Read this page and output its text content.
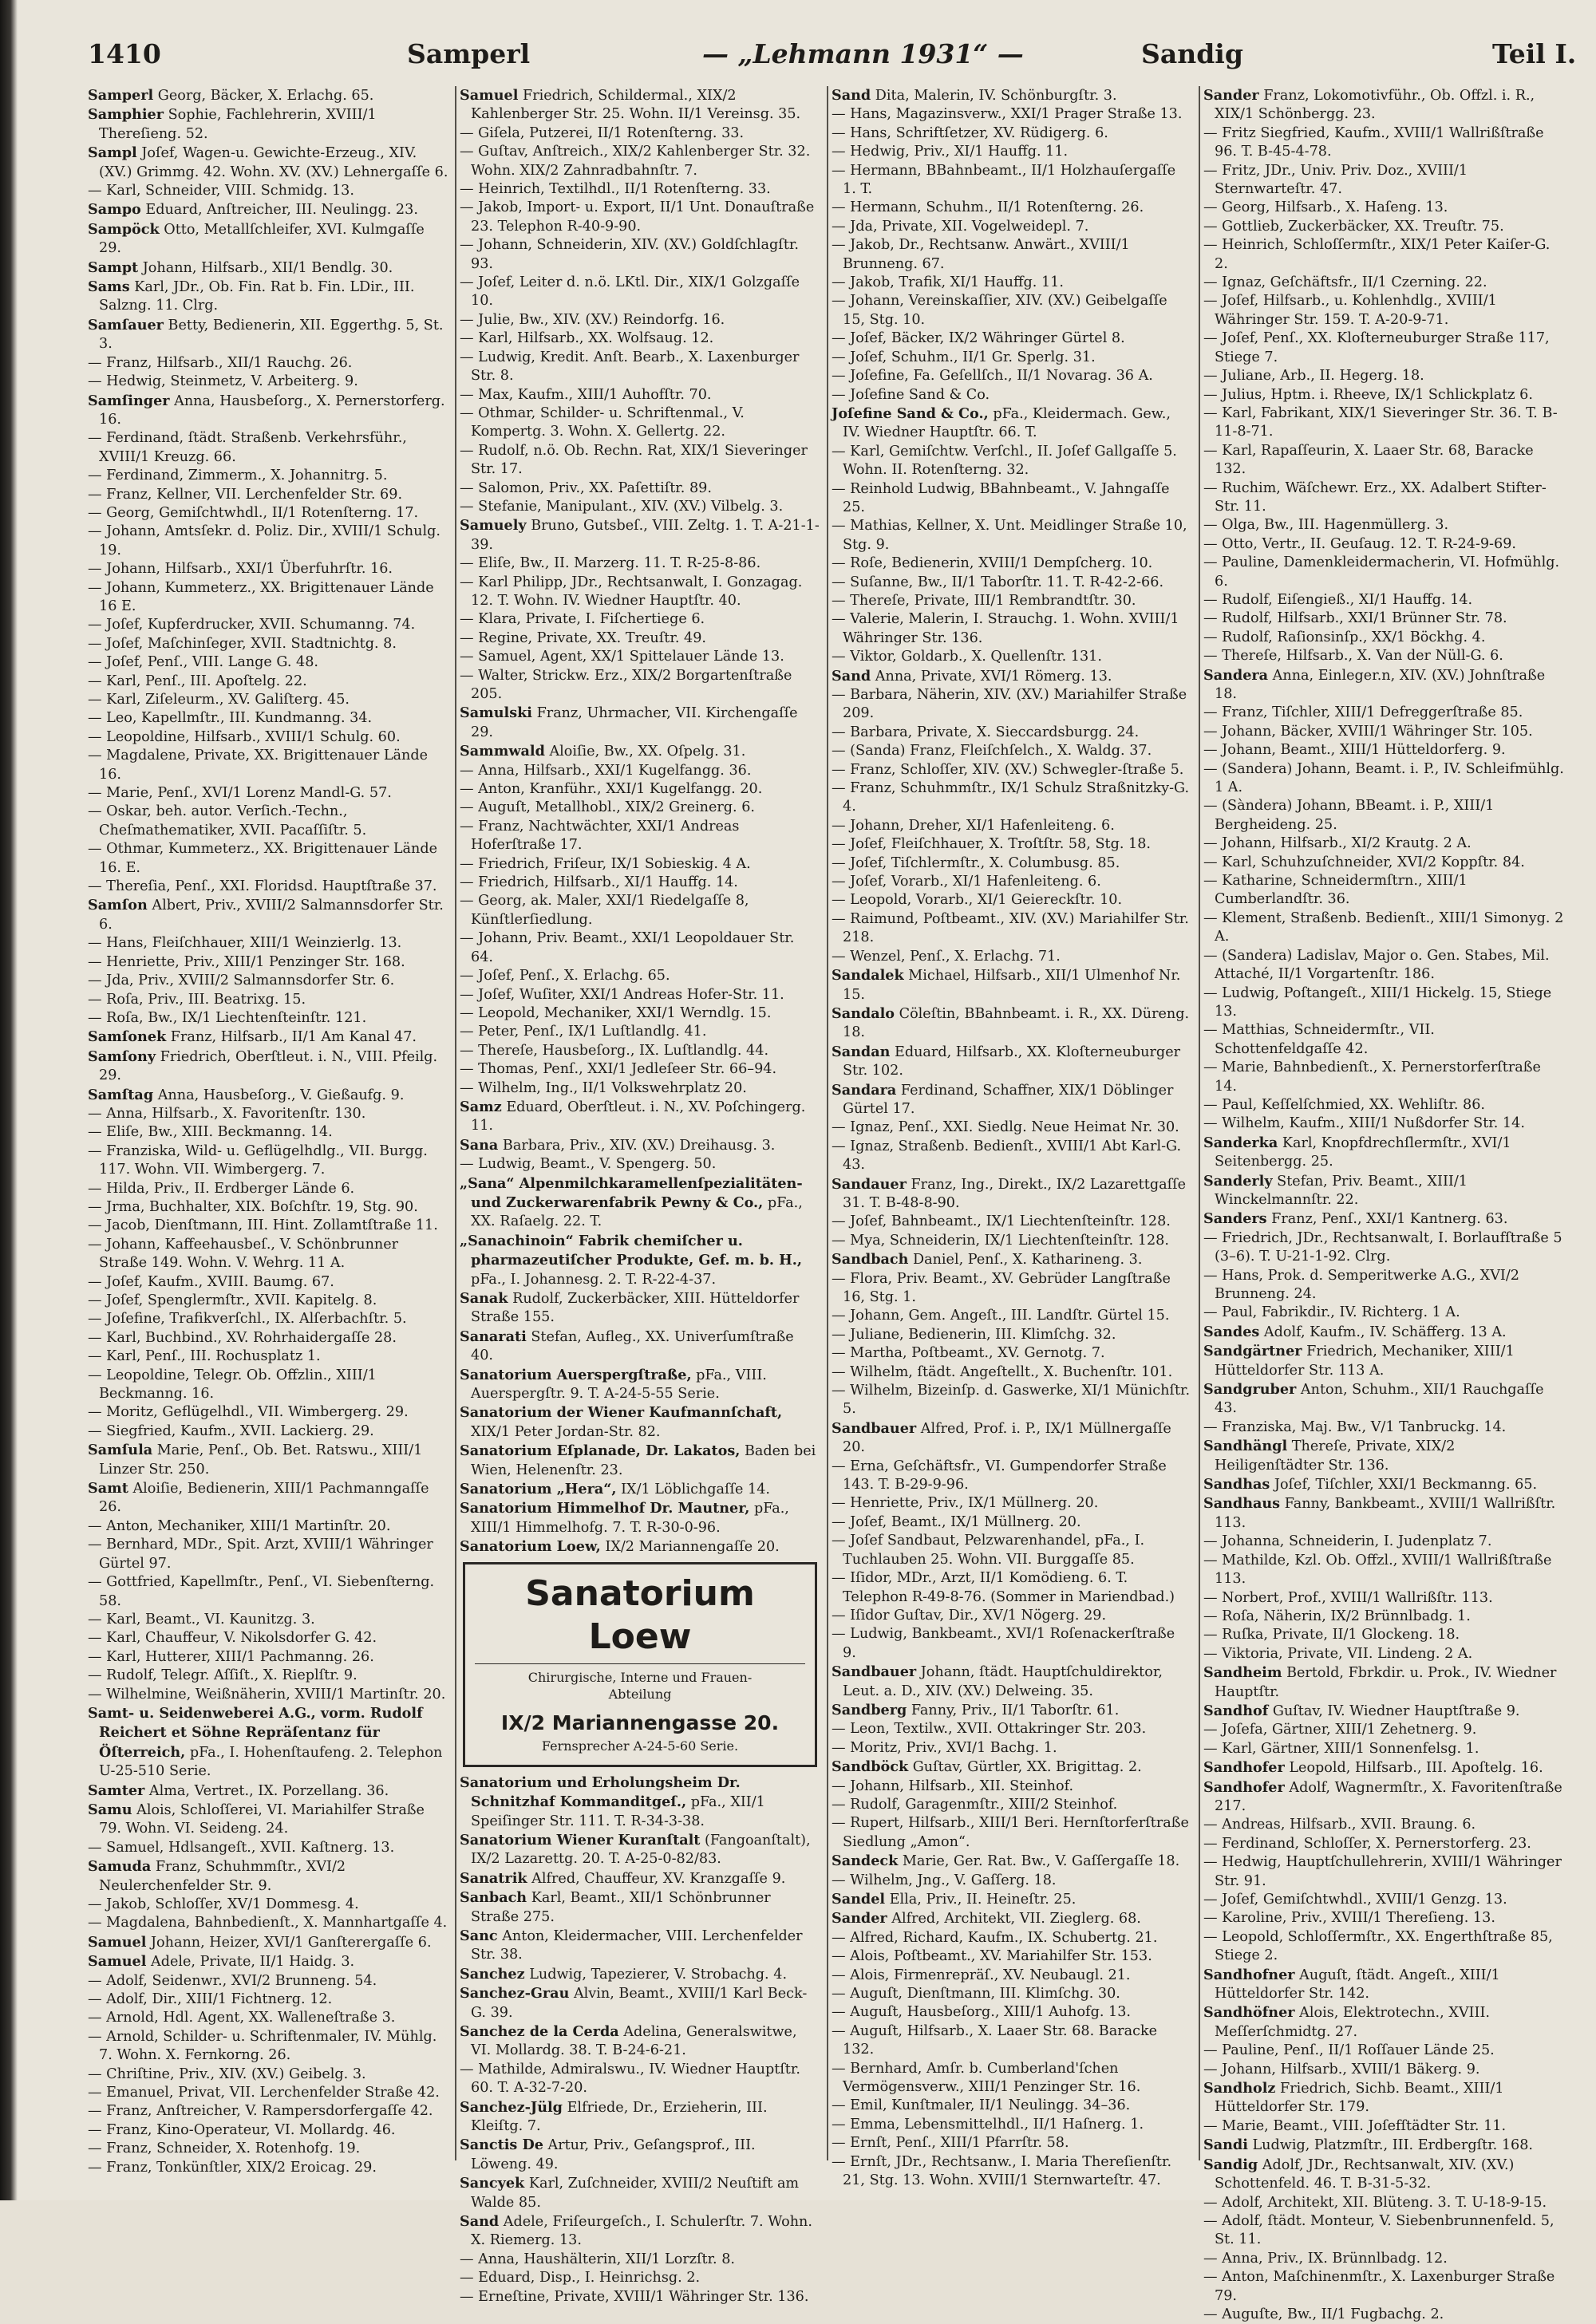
1410	Samperl	— „Lehmann 1931“ —	Sandig	Teil I.
Samperl Georg, Bäcker, X. Erlachg. 65.
Samphier Sophie, Fachlehrerin, XVIII/1 Thereſieng. 52.
Sampl Joſef, Wagen-u. Gewichte-Erzeug., XIV. (XV.) Grimmg. 42. Wohn. XV. (XV.) Lehnergaſſe 6.
— Karl, Schneider, VIII. Schmidg. 13.
Sampo Eduard, Anſtreicher, III. Neulingg. 23.
Sampöck Otto, Metallſchleifer, XVI. Kulmgaſſe 29.
Sampt Johann, Hilfsarb., XII/1 Bendlg. 30.
Sams Karl, JDr., Ob. Fin. Rat b. Fin. LDir., III. Salzng. 11. Clrg.
Samſauer Betty, Bedienerin, XII. Eggerthg. 5, St. 3.
— Franz, Hilfsarb., XII/1 Rauchg. 26.
— Hedwig, Steinmetz, V. Arbeiterg. 9.
Samſinger Anna, Hausbeſorg., X. Pernerstorferg. 16.
— Ferdinand, ſtädt. Straßenb. Verkehrsführ., XVIII/1 Kreuzg. 66.
— Ferdinand, Zimmerm., X. Johannitrg. 5.
— Franz, Kellner, VII. Lerchenfelder Str. 69.
— Georg, Gemiſchtwhdl., II/1 Rotenſterng. 17.
— Johann, Amtsſekr. d. Poliz. Dir., XVIII/1 Schulg. 19.
— Johann, Hilfsarb., XXI/1 Überfuhrſtr. 16.
— Johann, Kummeterz., XX. Brigittenauer Lände 16 E.
— Joſef, Kupferdrucker, XVII. Schumanng. 74.
— Joſef, Maſchinſeger, XVII. Stadtnichtg. 8.
— Joſef, Penſ., VIII. Lange G. 48.
— Karl, Penſ., III. Apoſtelg. 22.
— Karl, Ziſeleurm., XV. Galiſterg. 45.
— Leo, Kapellmſtr., III. Kundmanng. 34.
— Leopoldine, Hilfsarb., XVIII/1 Schulg. 60.
— Magdalene, Private, XX. Brigittenauer Lände 16.
— Marie, Penſ., XVI/1 Lorenz Mandl-G. 57.
— Oskar, beh. autor. Verſich.-Techn., Cheſmathematiker, XVII. Pacaſſiſtr. 5.
— Othmar, Kummeterz., XX. Brigittenauer Lände 16. E.
— Thereſia, Penſ., XXI. Floridsd. Hauptſtraße 37.
Samſon Albert, Priv., XVIII/2 Salmannsdorfer Str. 6.
— Hans, Fleiſchhauer, XIII/1 Weinzierlg. 13.
— Henriette, Priv., XIII/1 Penzinger Str. 168.
— Jda, Priv., XVIII/2 Salmannsdorfer Str. 6.
— Roſa, Priv., III. Beatrixg. 15.
— Roſa, Bw., IX/1 Liechtenſteinſtr. 121.
Samſonek Franz, Hilfsarb., II/1 Am Kanal 47.
Samſony Friedrich, Oberſtleut. i. N., VIII. Pfeilg. 29.
Samſtag Anna, Hausbeſorg., V. Gießaufg. 9.
— Anna, Hilfsarb., X. Favoritenſtr. 130.
— Eliſe, Bw., XIII. Beckmanng. 14.
— Franziska, Wild- u. Geflügelhdlg., VII. Burgg. 117. Wohn. VII. Wimbergerg. 7.
— Hilda, Priv., II. Erdberger Lände 6.
— Jrma, Buchhalter, XIX. Boſchſtr. 19, Stg. 90.
— Jacob, Dienſtmann, III. Hint. Zollamtſtraße 11.
— Johann, Kaffeehausbeſ., V. Schönbrunner Straße 149. Wohn. V. Wehrg. 11 A.
— Joſef, Kaufm., XVIII. Baumg. 67.
— Joſef, Spenglermſtr., XVII. Kapitelg. 8.
— Joſefine, Trafikverſchl., IX. Alſerbachſtr. 5.
— Karl, Buchbind., XV. Rohrhaidergaſſe 28.
— Karl, Penſ., III. Rochusplatz 1.
— Leopoldine, Telegr. Ob. Offzlin., XIII/1 Beckmanng. 16.
— Moritz, Geflügelhdl., VII. Wimbergerg. 29.
— Siegfried, Kaufm., XVII. Lackierg. 29.
Samſula Marie, Penſ., Ob. Bet. Ratswu., XIII/1 Linzer Str. 250.
Samt Aloiſie, Bedienerin, XIII/1 Pachmanngaſſe 26.
— Anton, Mechaniker, XIII/1 Martinſtr. 20.
— Bernhard, MDr., Spit. Arzt, XVIII/1 Währinger Gürtel 97.
— Gottfried, Kapellmſtr., Penſ., VI. Siebenſterng. 58.
— Karl, Beamt., VI. Kaunitzg. 3.
— Karl, Chauffeur, V. Nikolsdorfer G. 42.
— Karl, Hutterer, XIII/1 Pachmanng. 26.
— Rudolf, Telegr. Aſſiſt., X. Rieplſtr. 9.
— Wilhelmine, Weißnäherin, XVIII/1 Martinſtr. 20.
Samt- u. Seidenweberei A.G., vorm. Rudolf Reichert et Söhne Repräſentanz für Öſterreich, pFa., I. Hohenſtaufeng. 2. Telephon U-25-510 Serie.
Samter Alma, Vertret., IX. Porzellang. 36.
Samu Alois, Schloſſerei, VI. Mariahilfer Straße 79. Wohn. VI. Seideng. 24.
— Samuel, Hdlsangeſt., XVII. Kaſtnerg. 13.
Samuda Franz, Schuhmmſtr., XVI/2 Neulerchenfelder Str. 9.
— Jakob, Schloſſer, XV/1 Dommesg. 4.
— Magdalena, Bahnbedienſt., X. Mannhartgaſſe 4.
Samuel Johann, Heizer, XVI/1 Ganſterergaſſe 6.
Samuel Adele, Private, II/1 Haidg. 3.
— Adolf, Seidenwr., XVI/2 Brunneng. 54.
— Adolf, Dir., XIII/1 Fichtnerg. 12.
— Arnold, Hdl. Agent, XX. Walleneſtraße 3.
— Arnold, Schilder- u. Schriftenmaler, IV. Mühlg. 7. Wohn. X. Fernkorng. 26.
— Chriſtine, Priv., XIV. (XV.) Geibelg. 3.
— Emanuel, Privat, VII. Lerchenfelder Straße 42.
— Franz, Anſtreicher, V. Rampersdorfergaſſe 42.
— Franz, Kino-Operateur, VI. Mollardg. 46.
— Franz, Schneider, X. Rotenhofg. 19.
— Franz, Tonkünſtler, XIX/2 Eroicag. 29.
Samuel Friedrich, Schildermal., XIX/2 Kahlenberger Str. 25. Wohn. II/1 Vereinsg. 35.
— Giſela, Putzerei, II/1 Rotenſterng. 33.
— Guſtav, Anſtreich., XIX/2 Kahlenberger Str. 32. Wohn. XIX/2 Zahnradbahnſtr. 7.
— Heinrich, Textilhdl., II/1 Rotenſterng. 33.
— Jakob, Import- u. Export, II/1 Unt. Donauſtraße 23. Telephon R-40-9-90.
— Johann, Schneiderin, XIV. (XV.) Goldſchlagſtr. 93.
— Joſef, Leiter d. n.ö. LKtl. Dir., XIX/1 Golzgaſſe 10.
— Julie, Bw., XIV. (XV.) Reindorfg. 16.
— Karl, Hilfsarb., XX. Wolfsaug. 12.
— Ludwig, Kredit. Anſt. Bearb., X. Laxenburger Str. 8.
— Max, Kaufm., XIII/1 Auhofſtr. 70.
— Othmar, Schilder- u. Schriftenmal., V. Kompertg. 3. Wohn. X. Gellertg. 22.
— Rudolf, n.ö. Ob. Rechn. Rat, XIX/1 Sieveringer Str. 17.
— Salomon, Priv., XX. Paſettiſtr. 89.
— Stefanie, Manipulant., XIV. (XV.) Vilbelg. 3.
Samuely Bruno, Gutsbeſ., VIII. Zeltg. 1. T. A-21-1-39.
— Eliſe, Bw., II. Marzerg. 11. T. R-25-8-86.
— Karl Philipp, JDr., Rechtsanwalt, I. Gonzagag. 12. T. Wohn. IV. Wiedner Hauptſtr. 40.
— Klara, Private, I. Fiſchertiege 6.
— Regine, Private, XX. Treuſtr. 49.
— Samuel, Agent, XX/1 Spittelauer Lände 13.
— Walter, Strickw. Erz., XIX/2 Borgartenſtraße 205.
Samulski Franz, Uhrmacher, VII. Kirchengaſſe 29.
Sammwald Aloiſie, Bw., XX. Oſpelg. 31.
— Anna, Hilfsarb., XXI/1 Kugelfangg. 36.
— Anton, Kranführ., XXI/1 Kugelfangg. 20.
— Auguſt, Metallhobl., XIX/2 Greinerg. 6.
— Franz, Nachtwächter, XXI/1 Andreas Hoferſtraße 17.
— Friedrich, Friſeur, IX/1 Sobieskig. 4 A.
— Friedrich, Hilfsarb., XI/1 Hauffg. 14.
— Georg, ak. Maler, XXI/1 Riedelgaſſe 8, Künſtlerſiedlung.
— Johann, Priv. Beamt., XXI/1 Leopoldauer Str. 64.
— Joſef, Penſ., X. Erlachg. 65.
— Joſef, Wuſiter, XXI/1 Andreas Hofer-Str. 11.
— Leopold, Mechaniker, XXI/1 Werndlg. 15.
— Peter, Penſ., IX/1 Luſtlandlg. 41.
— Thereſe, Hausbeſorg., IX. Luſtlandlg. 44.
— Thomas, Penſ., XXI/1 Jedleſeer Str. 66–94.
— Wilhelm, Ing., II/1 Volkswehrplatz 20.
Samz Eduard, Oberſtleut. i. N., XV. Poſchingerg. 11.
Sana Barbara, Priv., XIV. (XV.) Dreihausg. 3.
— Ludwig, Beamt., V. Spengerg. 50.
„Sana“ Alpenmilchkaramellenſpezialitäten- und Zuckerwarenfabrik Pewny & Co., pFa., XX. Raſaelg. 22. T.
„Sanachinoin“ Fabrik chemiſcher u. pharmazeutiſcher Produkte, Gef. m. b. H., pFa., I. Johannesg. 2. T. R-22-4-37.
Sanak Rudolf, Zuckerbäcker, XIII. Hütteldorfer Straße 155.
Sanarati Stefan, Aufleg., XX. Univerſumſtraße 40.
Sanatorium Auerspergſtraße, pFa., VIII. Auerspergſtr. 9. T. A-24-5-55 Serie.
Sanatorium der Wiener Kaufmannſchaft, XIX/1 Peter Jordan-Str. 82.
Sanatorium Eſplanade, Dr. Lakatos, Baden bei Wien, Helenenſtr. 23.
Sanatorium „Hera“, IX/1 Löblichgaſſe 14.
Sanatorium Himmelhof Dr. Mautner, pFa., XIII/1 Himmelhofg. 7. T. R-30-0-96.
Sanatorium Loew, IX/2 Mariannengaſſe 20.
Sanatorium Loew
Chirurgische, Interne und Frauen-
Abteilung
IX/2 Mariannengasse 20.
Fernsprecher A-24-5-60 Serie.
Sanatorium und Erholungsheim Dr. Schnitzhaf Kommanditgeſ., pFa., XII/1 Speiſinger Str. 111. T. R-34-3-38.
Sanatorium Wiener Kuranſtalt (Fangoanſtalt), IX/2 Lazarettg. 20. T. A-25-0-82/83.
Sanatrik Alfred, Chauffeur, XV. Kranzgaſſe 9.
Sanbach Karl, Beamt., XII/1 Schönbrunner Straße 275.
Sanc Anton, Kleidermacher, VIII. Lerchenfelder Str. 38.
Sanchez Ludwig, Tapezierer, V. Strobachg. 4.
Sanchez-Grau Alvin, Beamt., XVIII/1 Karl Beck-G. 39.
Sanchez de la Cerda Adelina, Generalswitwe, VI. Mollardg. 38. T. B-24-6-21.
— Mathilde, Admiralswu., IV. Wiedner Hauptſtr. 60. T. A-32-7-20.
Sanchez-Jülg Elfriede, Dr., Erzieherin, III. Kleiſtg. 7.
Sanctis De Artur, Priv., Geſangsprof., III. Löweng. 49.
Sancyek Karl, Zuſchneider, XVIII/2 Neuſtift am Walde 85.
Sand Adele, Friſeurgeſch., I. Schulerſtr. 7. Wohn. X. Riemerg. 13.
— Anna, Haushälterin, XII/1 Lorzſtr. 8.
— Eduard, Disp., I. Heinrichsg. 2.
— Erneſtine, Private, XVIII/1 Währinger Str. 136.
Sand Dita, Malerin, IV. Schönburgſtr. 3.
— Hans, Magazinsverw., XXI/1 Prager Straße 13.
— Hans, Schriftſetzer, XV. Rüdigerg. 6.
— Hedwig, Priv., XI/1 Hauffg. 11.
— Hermann, BBahnbeamt., II/1 Holzhauſergaſſe 1. T.
— Hermann, Schuhm., II/1 Rotenſterng. 26.
— Jda, Private, XII. Vogelweidepl. 7.
— Jakob, Dr., Rechtsanw. Anwärt., XVIII/1 Brunneng. 67.
— Jakob, Trafik, XI/1 Hauffg. 11.
— Johann, Vereinskaſſier, XIV. (XV.) Geibelgaſſe 15, Stg. 10.
— Joſef, Bäcker, IX/2 Währinger Gürtel 8.
— Joſef, Schuhm., II/1 Gr. Sperlg. 31.
— Joſefine, Fa. Geſellſch., II/1 Novarag. 36 A.
— Joſefine Sand & Co.
Joſefine Sand & Co., pFa., Kleidermach. Gew., IV. Wiedner Hauptſtr. 66. T.
— Karl, Gemiſchtw. Verſchl., II. Joſef Gallgaſſe 5. Wohn. II. Rotenſterng. 32.
— Reinhold Ludwig, BBahnbeamt., V. Jahngaſſe 25.
— Mathias, Kellner, X. Unt. Meidlinger Straße 10, Stg. 9.
— Roſe, Bedienerin, XVIII/1 Dempſcherg. 10.
— Suſanne, Bw., II/1 Taborſtr. 11. T. R-42-2-66.
— Thereſe, Private, III/1 Rembrandtſtr. 30.
— Valerie, Malerin, I. Strauchg. 1. Wohn. XVIII/1 Währinger Str. 136.
— Viktor, Goldarb., X. Quellenſtr. 131.
Sand Anna, Private, XVI/1 Römerg. 13.
— Barbara, Näherin, XIV. (XV.) Mariahilfer Straße 209.
— Barbara, Private, X. Sieccardsburgg. 24.
— (Sanda) Franz, Fleiſchſelch., X. Waldg. 37.
— Franz, Schloſſer, XIV. (XV.) Schwegler-ſtraße 5.
— Franz, Schuhmmſtr., IX/1 Schulz Straßnitzky-G. 4.
— Johann, Dreher, XI/1 Hafenleiteng. 6.
— Joſef, Fleiſchhauer, X. Troſtſtr. 58, Stg. 18.
— Joſef, Tiſchlermſtr., X. Columbusg. 85.
— Joſef, Vorarb., XI/1 Hafenleiteng. 6.
— Leopold, Vorarb., XI/1 Geiereckſtr. 10.
— Raimund, Poſtbeamt., XIV. (XV.) Mariahilfer Str. 218.
— Wenzel, Penſ., X. Erlachg. 71.
Sandalek Michael, Hilfsarb., XII/1 Ulmenhof Nr. 15.
Sandalo Cöleſtin, BBahnbeamt. i. R., XX. Düreng. 18.
Sandan Eduard, Hilfsarb., XX. Kloſterneuburger Str. 102.
Sandara Ferdinand, Schaffner, XIX/1 Döblinger Gürtel 17.
— Ignaz, Penſ., XXI. Siedlg. Neue Heimat Nr. 30.
— Ignaz, Straßenb. Bedienſt., XVIII/1 Abt Karl-G. 43.
Sandauer Franz, Ing., Direkt., IX/2 Lazarettgaſſe 31. T. B-48-8-90.
— Joſef, Bahnbeamt., IX/1 Liechtenſteinſtr. 128.
— Mya, Schneiderin, IX/1 Liechtenſteinſtr. 128.
Sandbach Daniel, Penſ., X. Katharineng. 3.
— Flora, Priv. Beamt., XV. Gebrüder Langſtraße 16, Stg. 1.
— Johann, Gem. Angeſt., III. Landſtr. Gürtel 15.
— Juliane, Bedienerin, III. Klimſchg. 32.
— Martha, Poſtbeamt., XV. Gernotg. 7.
— Wilhelm, ſtädt. Angeſtellt., X. Buchenſtr. 101.
— Wilhelm, Bizeinſp. d. Gaswerke, XI/1 Münichſtr. 5.
Sandbauer Alfred, Prof. i. P., IX/1 Müllnergaſſe 20.
— Erna, Geſchäftsfr., VI. Gumpendorfer Straße 143. T. B-29-9-96.
— Henriette, Priv., IX/1 Müllnerg. 20.
— Joſef, Beamt., IX/1 Müllnerg. 20.
— Joſef Sandbaut, Pelzwarenhandel, pFa., I. Tuchlauben 25. Wohn. VII. Burggaſſe 85.
— Iſidor, MDr., Arzt, II/1 Komödieng. 6. T. Telephon R-49-8-76. (Sommer in Mariendbad.)
— Iſidor Guſtav, Dir., XV/1 Nögerg. 29.
— Ludwig, Bankbeamt., XVI/1 Roſenackerſtraße 9.
Sandbauer Johann, ſtädt. Hauptſchuldirektor, Leut. a. D., XIV. (XV.) Delweing. 35.
Sandberg Fanny, Priv., II/1 Taborſtr. 61.
— Leon, Textilw., XVII. Ottakringer Str. 203.
— Moritz, Priv., XVI/1 Bachg. 1.
Sandböck Guſtav, Gürtler, XX. Brigittag. 2.
— Johann, Hilfsarb., XII. Steinhof.
— Rudolf, Garagenmſtr., XIII/2 Steinhof.
— Rupert, Hilfsarb., XIII/1 Beri. Hernſtorferſtraße Siedlung „Amon“.
Sandeck Marie, Ger. Rat. Bw., V. Gaſſergaſſe 18.
— Wilhelm, Jng., V. Gaſſerg. 18.
Sandel Ella, Priv., II. Heineſtr. 25.
Sander Alfred, Architekt, VII. Zieglerg. 68.
— Alfred, Richard, Kaufm., IX. Schubertg. 21.
— Alois, Poſtbeamt., XV. Mariahilfer Str. 153.
— Alois, Firmenrepräſ., XV. Neubaugl. 21.
— Auguſt, Dienſtmann, III. Klimſchg. 30.
— Auguſt, Hausbeſorg., XIII/1 Auhofg. 13.
— Auguſt, Hilfsarb., X. Laaer Str. 68. Baracke 132.
— Bernhard, Amſr. b. Cumberland'ſchen Vermögensverw., XIII/1 Penzinger Str. 16.
— Emil, Kunſtmaler, II/1 Neulingg. 34–36.
— Emma, Lebensmittelhdl., II/1 Haſnerg. 1.
— Ernſt, Penſ., XIII/1 Pfarrſtr. 58.
— Ernſt, JDr., Rechtsanw., I. Maria Thereſienſtr. 21, Stg. 13. Wohn. XVIII/1 Sternwarteſtr. 47.
Sander Franz, Lokomotivführ., Ob. Offzl. i. R., XIX/1 Schönbergg. 23.
— Fritz Siegfried, Kaufm., XVIII/1 Wallrißſtraße 96. T. B-45-4-78.
— Fritz, JDr., Univ. Priv. Doz., XVIII/1 Sternwarteſtr. 47.
— Georg, Hilfsarb., X. Haſeng. 13.
— Gottlieb, Zuckerbäcker, XX. Treuſtr. 75.
— Heinrich, Schloſſermſtr., XIX/1 Peter Kaiſer-G. 2.
— Ignaz, Geſchäftsfr., II/1 Czerning. 22.
— Joſef, Hilfsarb., u. Kohlenhdlg., XVIII/1 Währinger Str. 159. T. A-20-9-71.
— Joſef, Penſ., XX. Kloſterneuburger Straße 117, Stiege 7.
— Juliane, Arb., II. Hegerg. 18.
— Julius, Hptm. i. Rheeve, IX/1 Schlickplatz 6.
— Karl, Fabrikant, XIX/1 Sieveringer Str. 36. T. B-11-8-71.
— Karl, Rapaſſeurin, X. Laaer Str. 68, Baracke 132.
— Ruchim, Wäſchewr. Erz., XX. Adalbert Stifter-Str. 11.
— Olga, Bw., III. Hagenmüllerg. 3.
— Otto, Vertr., II. Geuſaug. 12. T. R-24-9-69.
— Pauline, Damenkleidermacherin, VI. Hofmühlg. 6.
— Rudolf, Eiſengieß., XI/1 Hauffg. 14.
— Rudolf, Hilfsarb., XXI/1 Brünner Str. 78.
— Rudolf, Raſionsinſp., XX/1 Böckhg. 4.
— Thereſe, Hilfsarb., X. Van der Nüll-G. 6.
Sandera Anna, Einleger.n, XIV. (XV.) Johnſtraße 18.
— Franz, Tiſchler, XIII/1 Defreggerſtraße 85.
— Johann, Bäcker, XVIII/1 Währinger Str. 105.
— Johann, Beamt., XIII/1 Hütteldorferg. 9.
— (Sandera) Johann, Beamt. i. P., IV. Schleifmühlg. 1 A.
— (Sàndera) Johann, BBeamt. i. P., XIII/1 Bergheideng. 25.
— Johann, Hilfsarb., XI/2 Krautg. 2 A.
— Karl, Schuhzuſchneider, XVI/2 Koppſtr. 84.
— Katharine, Schneidermſtrn., XIII/1 Cumberlandſtr. 36.
— Klement, Straßenb. Bedienſt., XIII/1 Simonyg. 2 A.
— (Sandera) Ladislav, Major o. Gen. Stabes, Mil. Attaché, II/1 Vorgartenſtr. 186.
— Ludwig, Poſtangeſt., XIII/1 Hickelg. 15, Stiege 13.
— Matthias, Schneidermſtr., VII. Schottenfeldgaſſe 42.
— Marie, Bahnbedienſt., X. Pernerstorferſtraße 14.
— Paul, Keſſelſchmied, XX. Wehliſtr. 86.
— Wilhelm, Kaufm., XIII/1 Nußdorfer Str. 14.
Sanderka Karl, Knopfdrechſlermſtr., XVI/1 Seitenbergg. 25.
Sanderly Stefan, Priv. Beamt., XIII/1 Winckelmannſtr. 22.
Sanders Franz, Penſ., XXI/1 Kantnerg. 63.
— Friedrich, JDr., Rechtsanwalt, I. Borlaufſtraße 5 (3–6). T. U-21-1-92. Clrg.
— Hans, Prok. d. Semperitwerke A.G., XVI/2 Brunneng. 24.
— Paul, Fabrikdir., IV. Richterg. 1 A.
Sandes Adolf, Kaufm., IV. Schäfferg. 13 A.
Sandgärtner Friedrich, Mechaniker, XIII/1 Hütteldorfer Str. 113 A.
Sandgruber Anton, Schuhm., XII/1 Rauchgaſſe 43.
— Franziska, Maj. Bw., V/1 Tanbruckg. 14.
Sandhängl Thereſe, Private, XIX/2 Heiligenſtädter Str. 136.
Sandhas Joſef, Tiſchler, XXI/1 Beckmanng. 65.
Sandhaus Fanny, Bankbeamt., XVIII/1 Wallrißſtr. 113.
— Johanna, Schneiderin, I. Judenplatz 7.
— Mathilde, Kzl. Ob. Offzl., XVIII/1 Wallrißſtraße 113.
— Norbert, Prof., XVIII/1 Wallrißſtr. 113.
— Roſa, Näherin, IX/2 Brünnlbadg. 1.
— Ruſka, Private, II/1 Glockeng. 18.
— Viktoria, Private, VII. Lindeng. 2 A.
Sandheim Bertold, Fbrkdir. u. Prok., IV. Wiedner Hauptſtr.
Sandhof Guſtav, IV. Wiedner Hauptſtraße 9.
— Joſefa, Gärtner, XIII/1 Zehetnerg. 9.
— Karl, Gärtner, XIII/1 Sonnenfelsg. 1.
Sandhofer Leopold, Hilfsarb., III. Apoſtelg. 16.
Sandhofer Adolf, Wagnermſtr., X. Favoritenſtraße 217.
— Andreas, Hilfsarb., XVII. Braung. 6.
— Ferdinand, Schloſſer, X. Pernerstorferg. 23.
— Hedwig, Hauptſchullehrerin, XVIII/1 Währinger Str. 91.
— Joſef, Gemiſchtwhdl., XVIII/1 Genzg. 13.
— Karoline, Priv., XVIII/1 Thereſieng. 13.
— Leopold, Schloſſermſtr., XX. Engerthſtraße 85, Stiege 2.
Sandhofner Auguſt, ſtädt. Angeſt., XIII/1 Hütteldorfer Str. 142.
Sandhöfner Alois, Elektrotechn., XVIII. Meſſerſchmidtg. 27.
— Pauline, Penſ., II/1 Roſſauer Lände 25.
— Johann, Hilfsarb., XVIII/1 Bäkerg. 9.
Sandholz Friedrich, Sichb. Beamt., XIII/1 Hütteldorfer Str. 179.
— Marie, Beamt., VIII. Joſefſtädter Str. 11.
Sandi Ludwig, Platzmſtr., III. Erdbergſtr. 168.
Sandig Adolf, JDr., Rechtsanwalt, XIV. (XV.) Schottenfeld. 46. T. B-31-5-32.
— Adolf, Architekt, XII. Blüteng. 3. T. U-18-9-15.
— Adolf, ſtädt. Monteur, V. Siebenbrunnenfeld. 5, St. 11.
— Anna, Priv., IX. Brünnlbadg. 12.
— Anton, Maſchinenmſtr., X. Laxenburger Straße 79.
— Auguſte, Bw., II/1 Fugbachg. 2.
